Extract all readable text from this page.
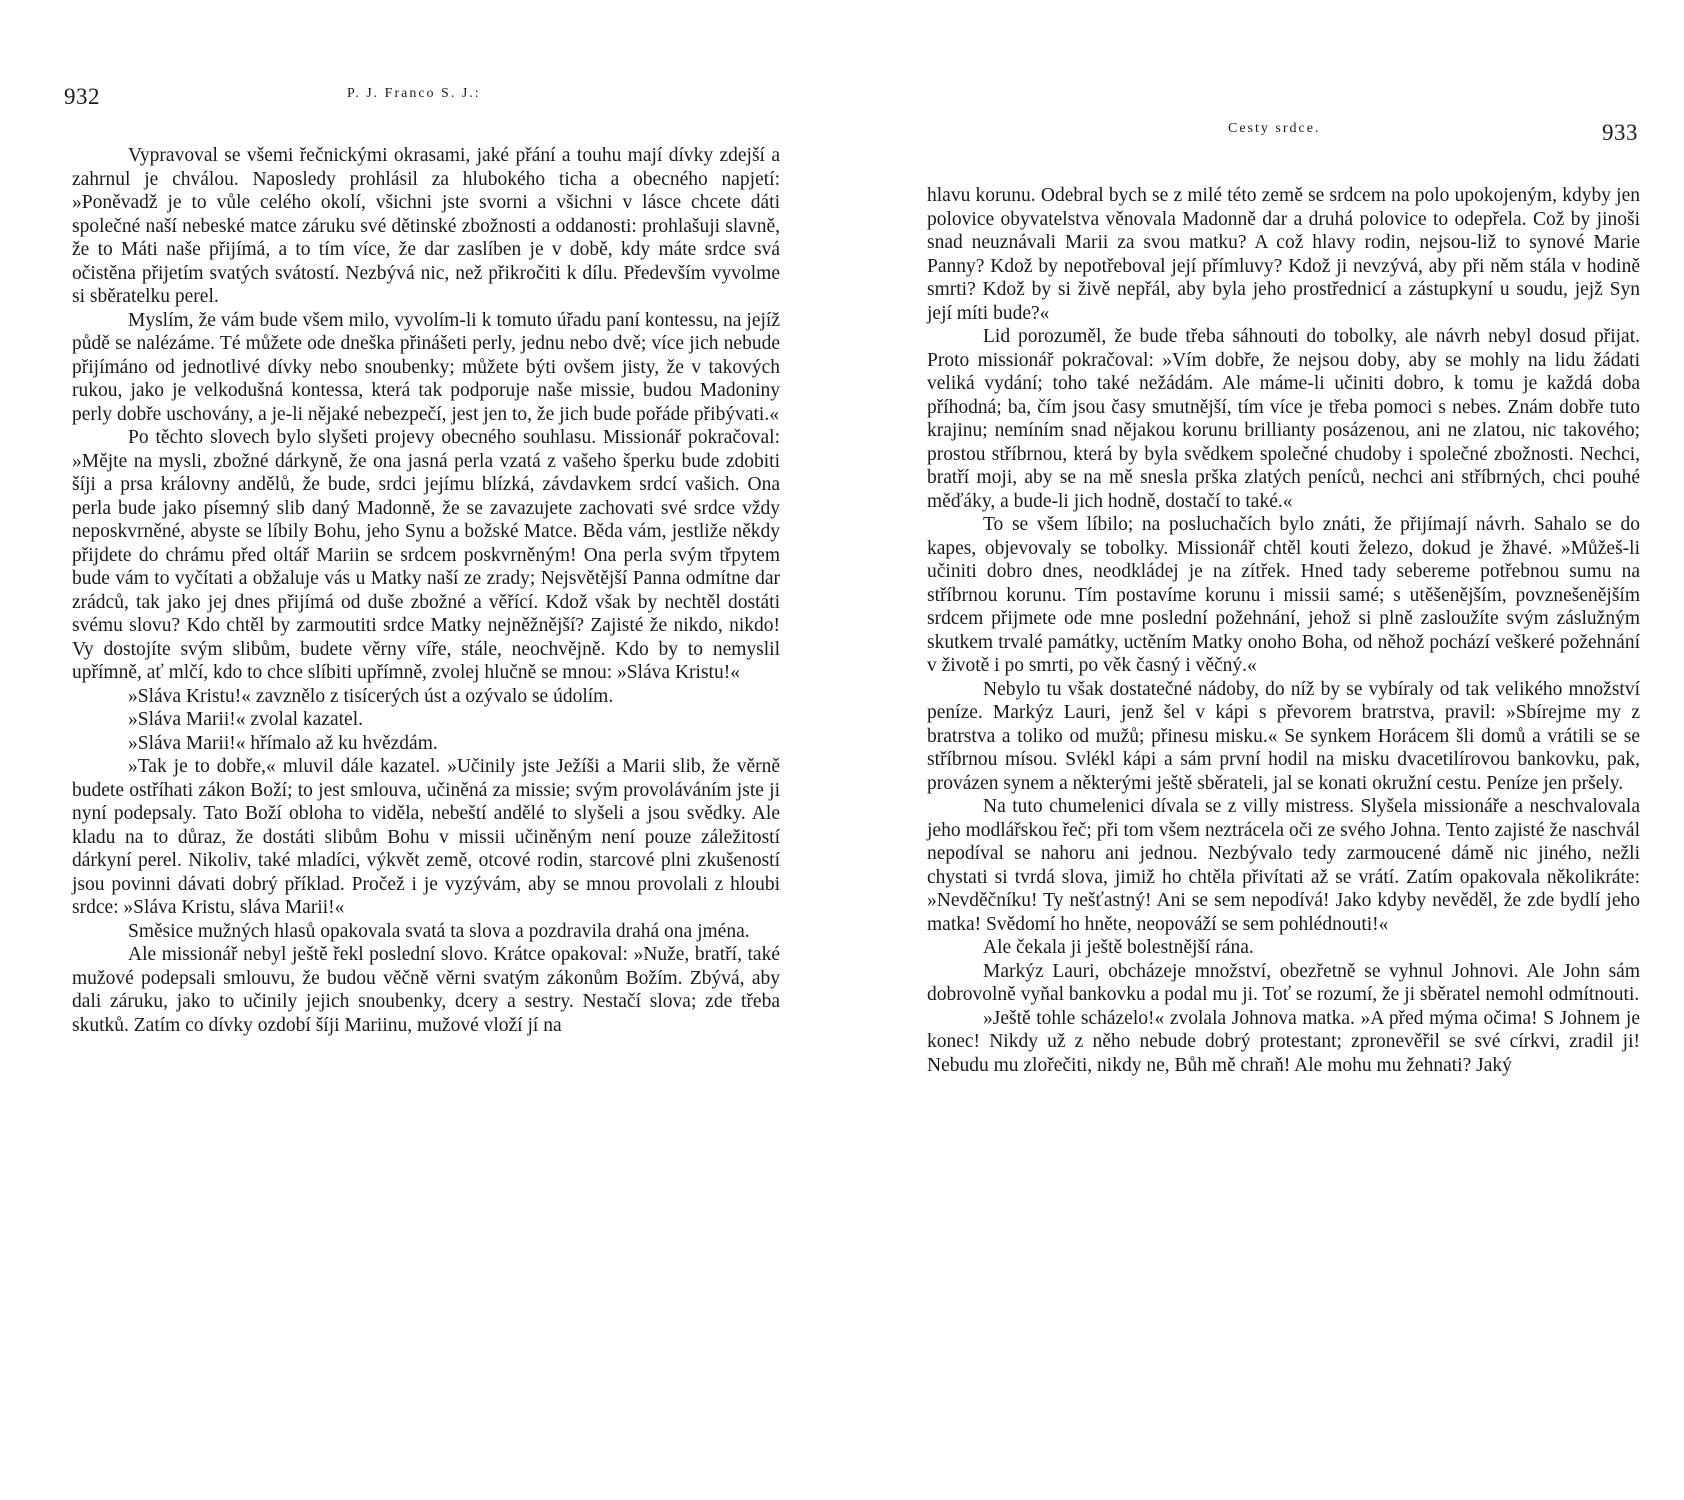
932	P. J. Franco S. J.:

Vypravoval se všemi řečnickými okrasami, jaké přání a touhu mají dívky zdejší a zahrnul je chválou. Naposledy prohlásil za hlubokého ticha a obecného napjetí: »Poněvadž je to vůle celého okolí, všichni jste svorni a všichni v lásce chcete dáti společné naší nebeské matce záruku své dětinské zbožnosti a oddanosti: prohlašuji slavně, že to Máti naše přijímá, a to tím více, že dar zaslíben je v době, kdy máte srdce svá očistěna přijetím svatých svátostí. Nezbývá nic, než přikročiti k dílu. Především vyvolme si sběratelku perel.

Myslím, že vám bude všem milo, vyvolím-li k tomuto úřadu paní kontessu, na jejíž půdě se nalézáme. Té můžete ode dneška přinášeti perly, jednu nebo dvě; více jich nebude přijímáno od jednotlivé dívky nebo snoubenky; můžete býti ovšem jisty, že v takových rukou, jako je velkodušná kontessa, která tak podporuje naše missie, budou Madoniny perly dobře uschovány, a je-li nějaké nebezpečí, jest jen to, že jich bude pořáde přibývati.«

Po těchto slovech bylo slyšeti projevy obecného souhlasu. Missionář pokračoval: »Mějte na mysli, zbožné dárkyně, že ona jasná perla vzatá z vašeho šperku bude zdobiti šíji a prsa královny andělů, že bude, srdci jejímu blízká, závdavkem srdcí vašich. Ona perla bude jako písemný slib daný Madonně, že se zavazujete zachovati své srdce vždy neposkvrněné, abyste se líbily Bohu, jeho Synu a božské Matce. Běda vám, jestliže někdy přijdete do chrámu před oltář Mariin se srdcem poskvrněným! Ona perla svým třpytem bude vám to vyčítati a obžaluje vás u Matky naší ze zrady; Nejsvětější Panna odmítne dar zrádců, tak jako jej dnes přijímá od duše zbožné a věřící. Kdož však by nechtěl dostáti svému slovu? Kdo chtěl by zarmoutiti srdce Matky nejněžnější? Zajisté že nikdo, nikdo! Vy dostojíte svým slibům, budete věrny víře, stále, neochvějně. Kdo by to nemyslil upřímně, ať mlčí, kdo to chce slíbiti upřímně, zvolej hlučně se mnou: »Sláva Kristu!«

»Sláva Kristu!« zavznělo z tisícerých úst a ozývalo se údolím.

»Sláva Marii!« zvolal kazatel.

»Sláva Marii!« hřímalo až ku hvězdám.

»Tak je to dobře,« mluvil dále kazatel. »Učinily jste Ježíši a Marii slib, že věrně budete ostříhati zákon Boží; to jest smlouva, učiněná za missie; svým provoláváním jste ji nyní podepsaly. Tato Boží obloha to viděla, nebeští andělé to slyšeli a jsou svědky. Ale kladu na to důraz, že dostáti slibům Bohu v missii učiněným není pouze záležitostí dárkyní perel. Nikoliv, také mladíci, výkvět země, otcové rodin, starcové plni zkušeností jsou povinni dávati dobrý příklad. Pročež i je vyzývám, aby se mnou provolali z hloubi srdce: »Sláva Kristu, sláva Marii!«

Směsice mužných hlasů opakovala svatá ta slova a pozdravila drahá ona jména.

Ale missionář nebyl ještě řekl poslední slovo. Krátce opakoval: »Nuže, bratří, také mužové podepsali smlouvu, že budou věčně věrni svatým zákonům Božím. Zbývá, aby dali záruku, jako to učinily jejich snoubenky, dcery a sestry. Nestačí slova; zde třeba skutků. Zatím co dívky ozdobí šíji Mariinu, mužové vloží jí na

Cesty srdce.	933

hlavu korunu. Odebral bych se z milé této země se srdcem na polo upokojeným, kdyby jen polovice obyvatelstva věnovala Madonně dar a druhá polovice to odepřela. Což by jinoši snad neuznávali Marii za svou matku? A což hlavy rodin, nejsou-liž to synové Marie Panny? Kdož by nepotřeboval její přímluvy? Kdož ji nevzývá, aby při něm stála v hodině smrti? Kdož by si živě nepřál, aby byla jeho prostřednicí a zástupkyní u soudu, jejž Syn její míti bude?«

Lid porozuměl, že bude třeba sáhnouti do tobolky, ale návrh nebyl dosud přijat. Proto missionář pokračoval: »Vím dobře, že nejsou doby, aby se mohly na lidu žádati veliká vydání; toho také nežádám. Ale máme-li učiniti dobro, k tomu je každá doba příhodná; ba, čím jsou časy smutnější, tím více je třeba pomoci s nebes. Znám dobře tuto krajinu; nemíním snad nějakou korunu brillianty posázenou, ani ne zlatou, nic takového; prostou stříbrnou, která by byla svědkem společné chudoby i společné zbožnosti. Nechci, bratří moji, aby se na mě snesla prška zlatých peníců, nechci ani stříbrných, chci pouhé měďáky, a bude-li jich hodně, dostačí to také.«

To se všem líbilo; na posluchačích bylo znáti, že přijímají návrh. Sahalo se do kapes, objevovaly se tobolky. Missionář chtěl kouti železo, dokud je žhavé. »Můžeš-li učiniti dobro dnes, neodkládej je na zítřek. Hned tady sebereme potřebnou sumu na stříbrnou korunu. Tím postavíme korunu i missii samé; s utěšenějším, povznešenějším srdcem přijmete ode mne poslední požehnání, jehož si plně zasloužíte svým záslužným skutkem trvalé památky, uctěním Matky onoho Boha, od něhož pochází veškeré požehnání v životě i po smrti, po věk časný i věčný.«

Nebylo tu však dostatečné nádoby, do níž by se vybíraly od tak velikého množství peníze. Markýz Lauri, jenž šel v kápi s převorem bratrstva, pravil: »Sbírejme my z bratrstva a toliko od mužů; přinesu misku.« Se synkem Horácem šli domů a vrátili se se stříbrnou mísou. Svlékl kápi a sám první hodil na misku dvacetilírovou bankovku, pak, provázen synem a některými ještě sběrateli, jal se konati okružní cestu. Peníze jen pršely.

Na tuto chumelenici dívala se z villy mistress. Slyšela missionáře a neschvalovala jeho modlářskou řeč; při tom všem neztrácela oči ze svého Johna. Tento zajisté že naschvál nepodíval se nahoru ani jednou. Nezbývalo tedy zarmoucené dámě nic jiného, nežli chystati si tvrdá slova, jimiž ho chtěla přivítati až se vrátí. Zatím opakovala několikráte: »Nevděčníku! Ty nešťastný! Ani se sem nepodívá! Jako kdyby nevěděl, že zde bydlí jeho matka! Svědomí ho hněte, neopováží se sem pohlédnouti!«

Ale čekala ji ještě bolestnější rána.

Markýz Lauri, obcházeje množství, obezřetně se vyhnul Johnovi. Ale John sám dobrovolně vyňal bankovku a podal mu ji. Toť se rozumí, že ji sběratel nemohl odmítnouti.

»Ještě tohle scházelo!« zvolala Johnova matka. »A před mýma očima! S Johnem je konec! Nikdy už z něho nebude dobrý protestant; zpronevěřil se své církvi, zradil ji! Nebudu mu zlořečiti, nikdy ne, Bůh mě chraň! Ale mohu mu žehnati? Jaký
